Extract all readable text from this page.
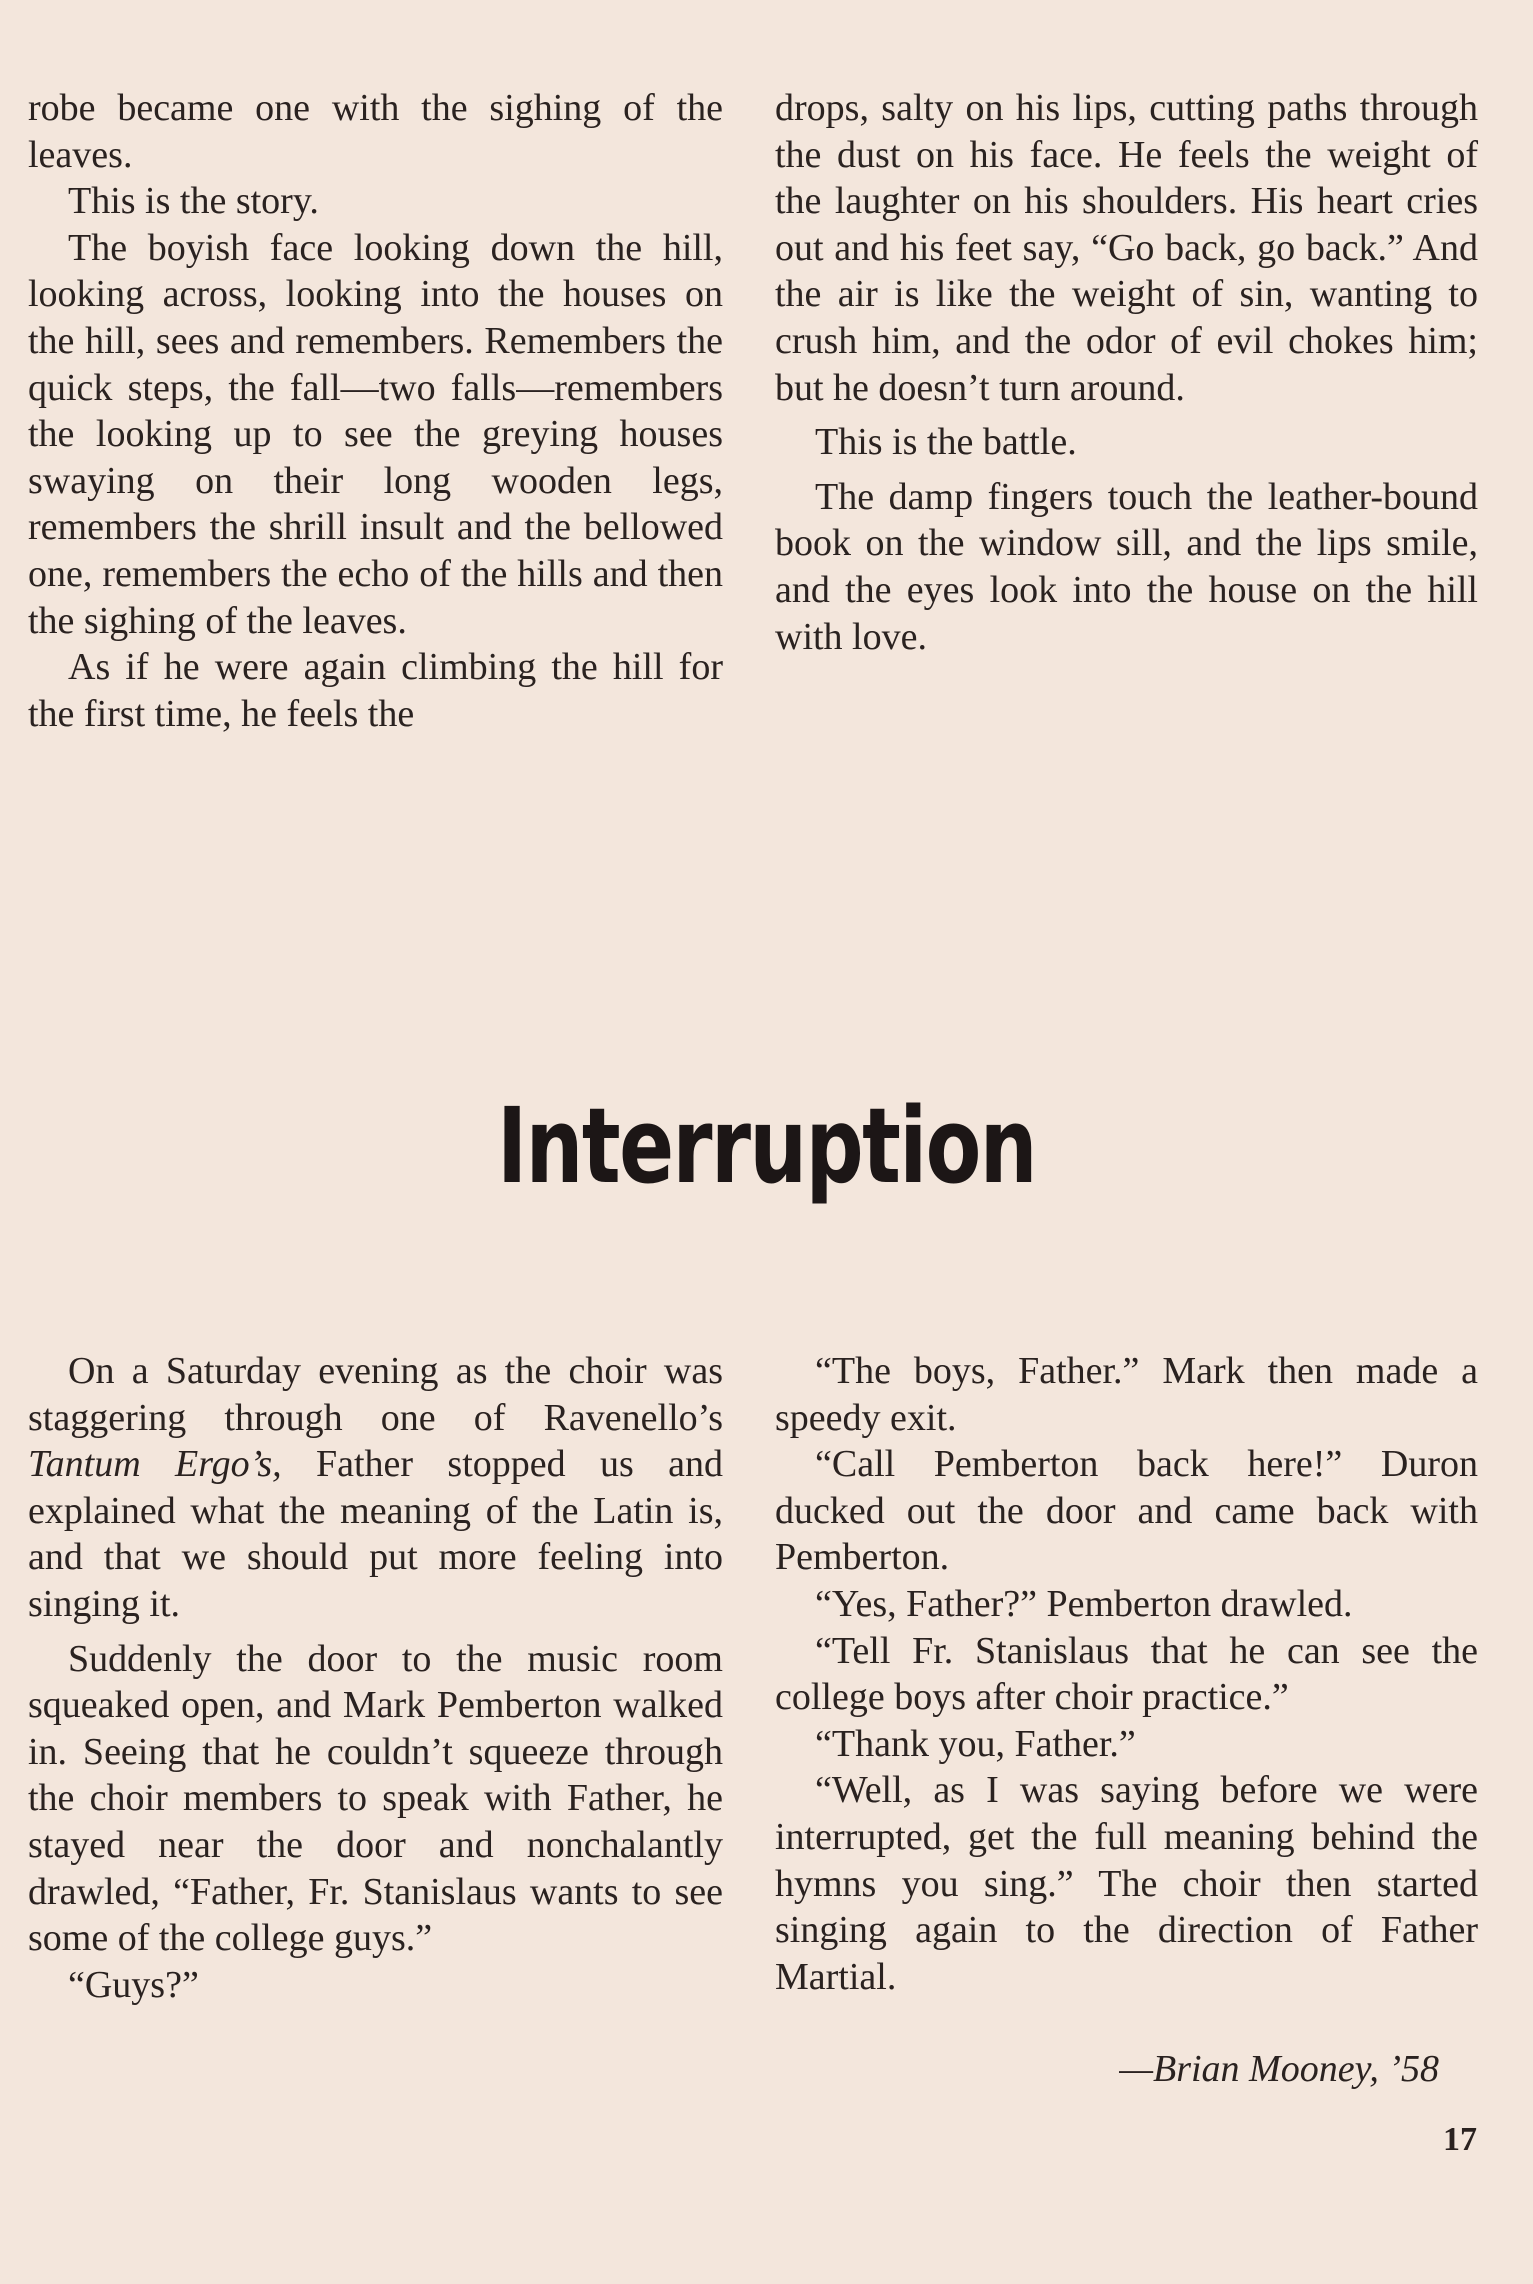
robe became one with the sighing of the leaves.

This is the story.

The boyish face looking down the hill, looking across, looking into the houses on the hill, sees and remembers. Remembers the quick steps, the fall—two falls—remembers the looking up to see the greying houses swaying on their long wooden legs, remembers the shrill insult and the bellowed one, remembers the echo of the hills and then the sighing of the leaves.

As if he were again climbing the hill for the first time, he feels the

drops, salty on his lips, cutting paths through the dust on his face. He feels the weight of the laughter on his shoulders. His heart cries out and his feet say, “Go back, go back.” And the air is like the weight of sin, wanting to crush him, and the odor of evil chokes him; but he doesn’t turn around.

This is the battle.

The damp fingers touch the leather-bound book on the window sill, and the lips smile, and the eyes look into the house on the hill with love.

Interruption

On a Saturday evening as the choir was staggering through one of Ravenello’s Tantum Ergo’s, Father stopped us and explained what the meaning of the Latin is, and that we should put more feeling into singing it.

Suddenly the door to the music room squeaked open, and Mark Pemberton walked in. Seeing that he couldn’t squeeze through the choir members to speak with Father, he stayed near the door and nonchalantly drawled, “Father, Fr. Stanislaus wants to see some of the college guys.”

“Guys?”

“The boys, Father.” Mark then made a speedy exit.

“Call Pemberton back here!” Duron ducked out the door and came back with Pemberton.

“Yes, Father?” Pemberton drawled.

“Tell Fr. Stanislaus that he can see the college boys after choir practice.”

“Thank you, Father.”

“Well, as I was saying before we were interrupted, get the full meaning behind the hymns you sing.” The choir then started singing again to the direction of Father Martial.

—Brian Mooney, ’58
17
